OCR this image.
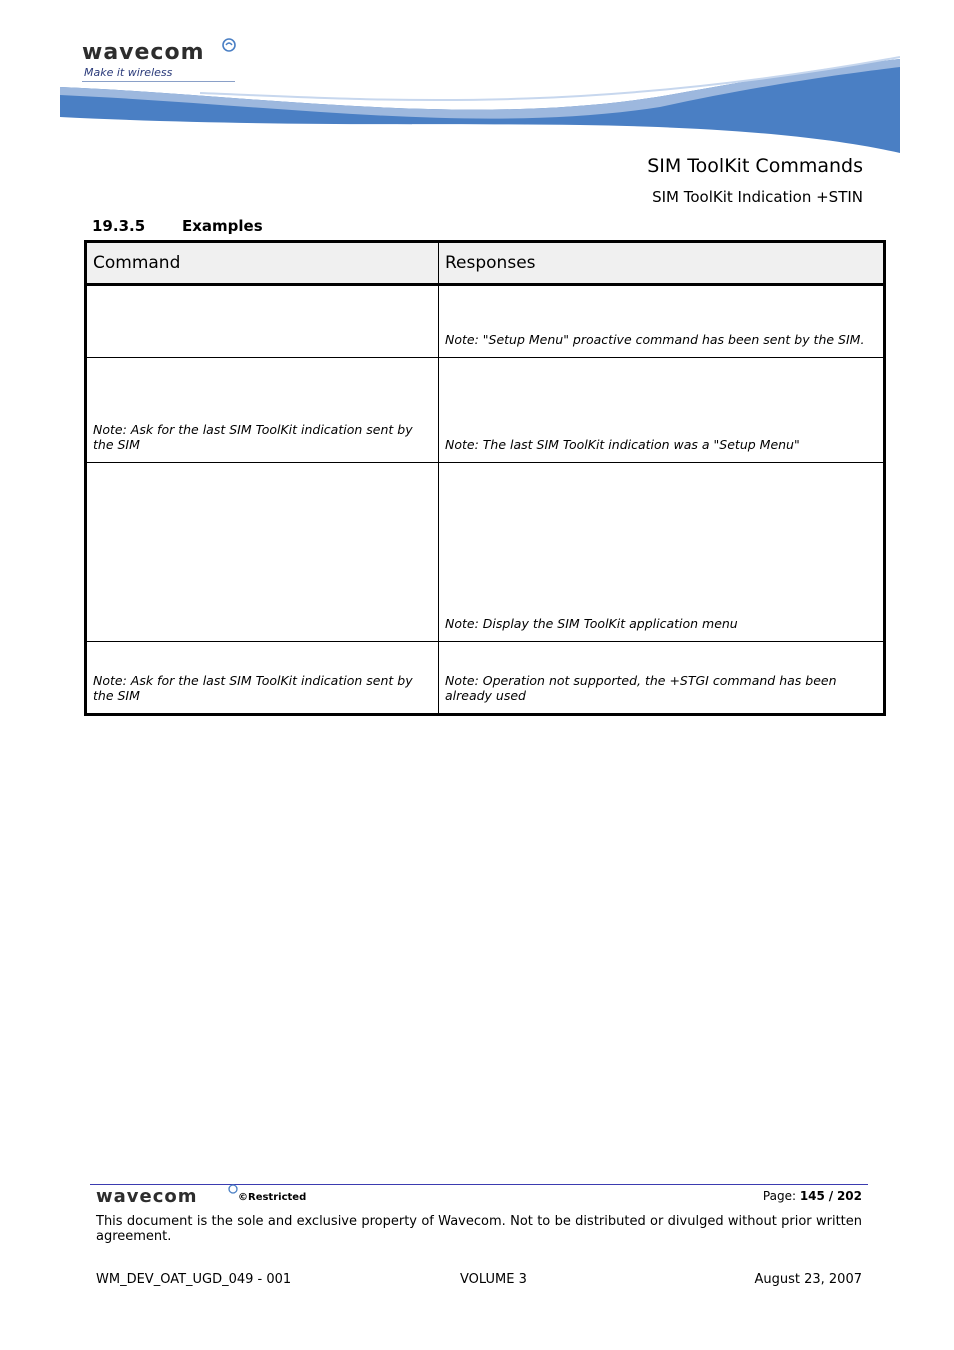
wavecom
Make it wireless
SIM ToolKit Commands
SIM ToolKit Indication +STIN
19.3.5 Examples
Command	Responses
	Note: "Setup Menu" proactive command has been sent by the SIM.
Note: Ask for the last SIM ToolKit indication sent by the SIM	Note: The last SIM ToolKit indication was a "Setup Menu"
	Note: Display the SIM ToolKit application menu
Note: Ask for the last SIM ToolKit indication sent by the SIM	Note: Operation not supported, the +STGI command has been already used
wavecom	©Restricted	Page: 145 / 202
This document is the sole and exclusive property of Wavecom. Not to be distributed or divulged without prior written agreement.
WM_DEV_OAT_UGD_049 - 001	VOLUME 3	August 23, 2007
